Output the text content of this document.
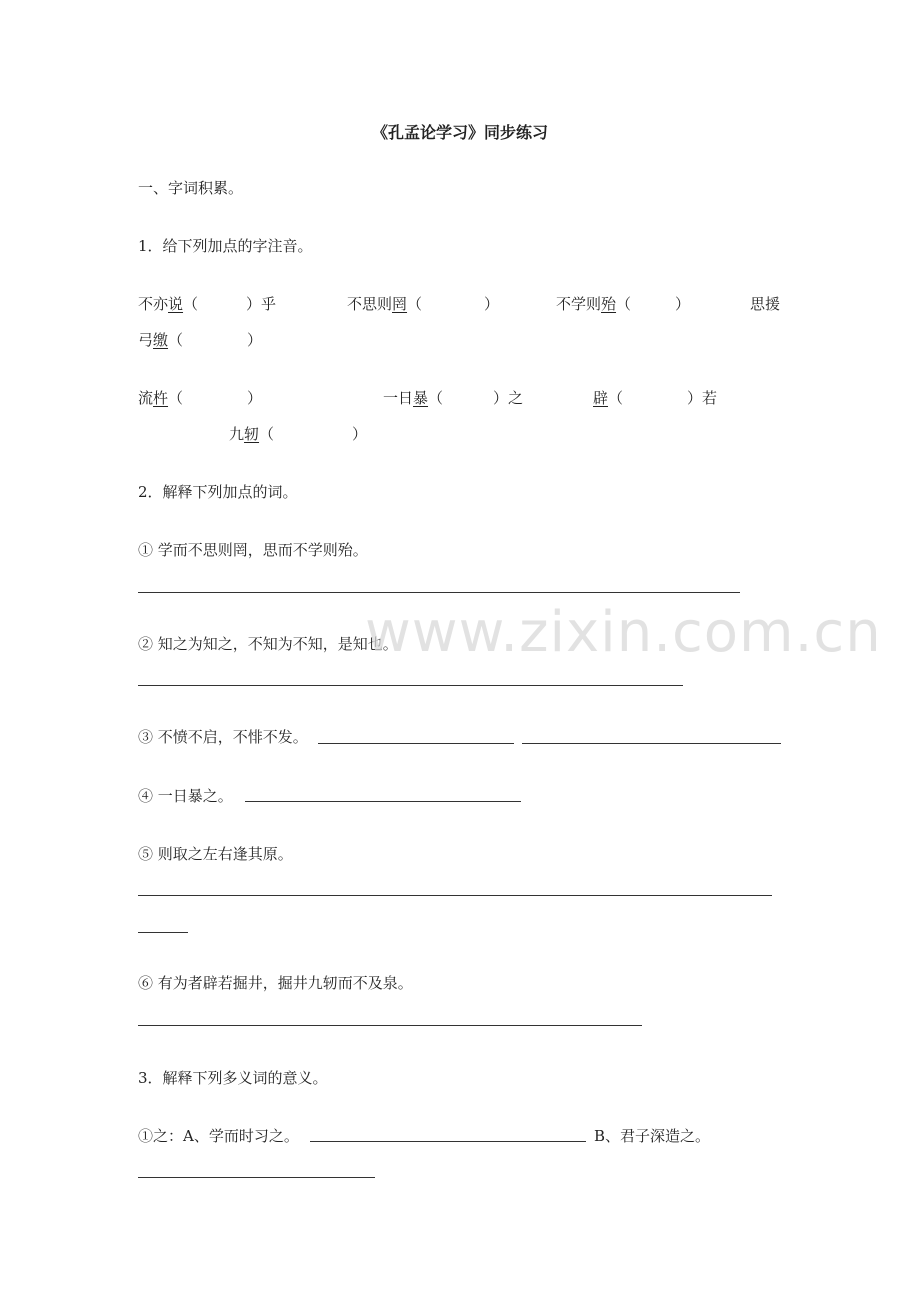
《孔孟论学习》同步练习
一、字词积累。
1．给下列加点的字注音。
不亦说（	）乎	不思则罔（	）	不学则殆（	）	思援
弓缴（	）
流杵（	）	一日暴（	）之	辟（	）若
九轫（	）
2．解释下列加点的词。
① 学而不思则罔，思而不学则殆。
② 知之为知之，不知为不知，是知也。
③ 不愤不启，不悱不发。
④ 一日暴之。
⑤ 则取之左右逢其原。
⑥ 有为者辟若掘井，掘井九轫而不及泉。
3．解释下列多义词的意义。
①之：A、学而时习之。	B、君子深造之。
www.zixin.com.cn
